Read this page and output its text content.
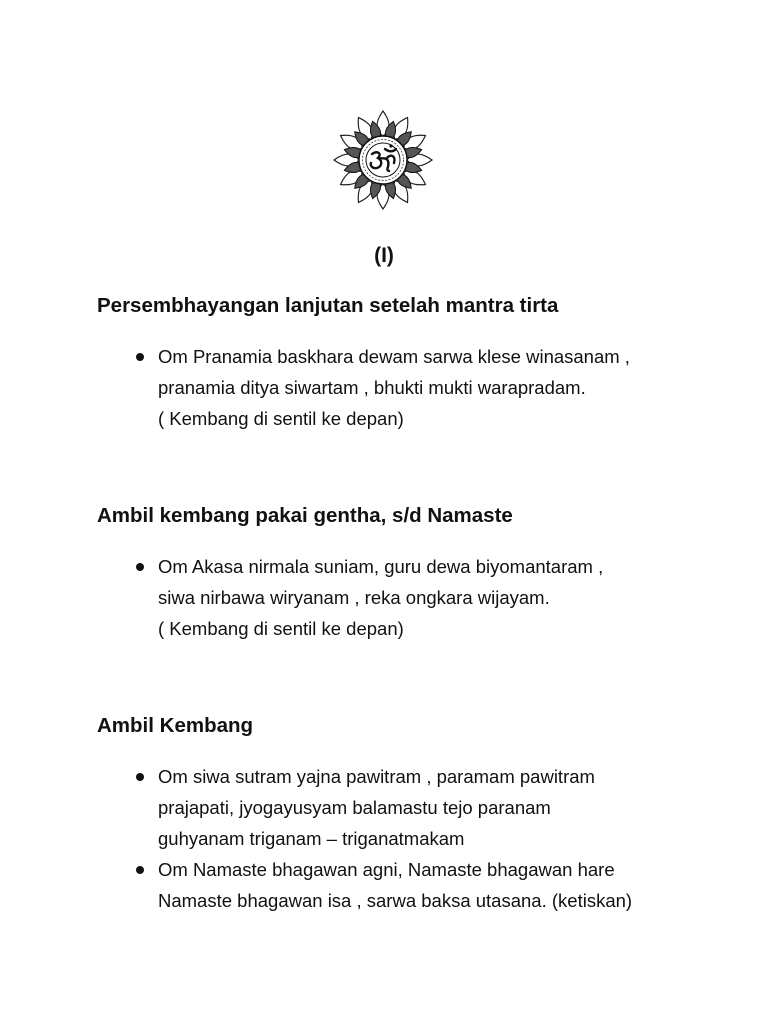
(I)
Persembhayangan lanjutan setelah mantra tirta
Om Pranamia baskhara dewam sarwa klese winasanam ,
pranamia ditya siwartam , bhukti mukti warapradam.
( Kembang di sentil ke depan)
Ambil kembang pakai gentha, s/d Namaste
Om Akasa nirmala suniam, guru dewa biyomantaram ,
siwa nirbawa wiryanam , reka ongkara wijayam.
( Kembang di sentil ke depan)
Ambil Kembang
Om siwa sutram yajna pawitram , paramam pawitram
prajapati, jyogayusyam balamastu tejo paranam
guhyanam triganam – triganatmakam
Om Namaste bhagawan agni, Namaste bhagawan hare
Namaste bhagawan isa , sarwa baksa utasana. (ketiskan)
